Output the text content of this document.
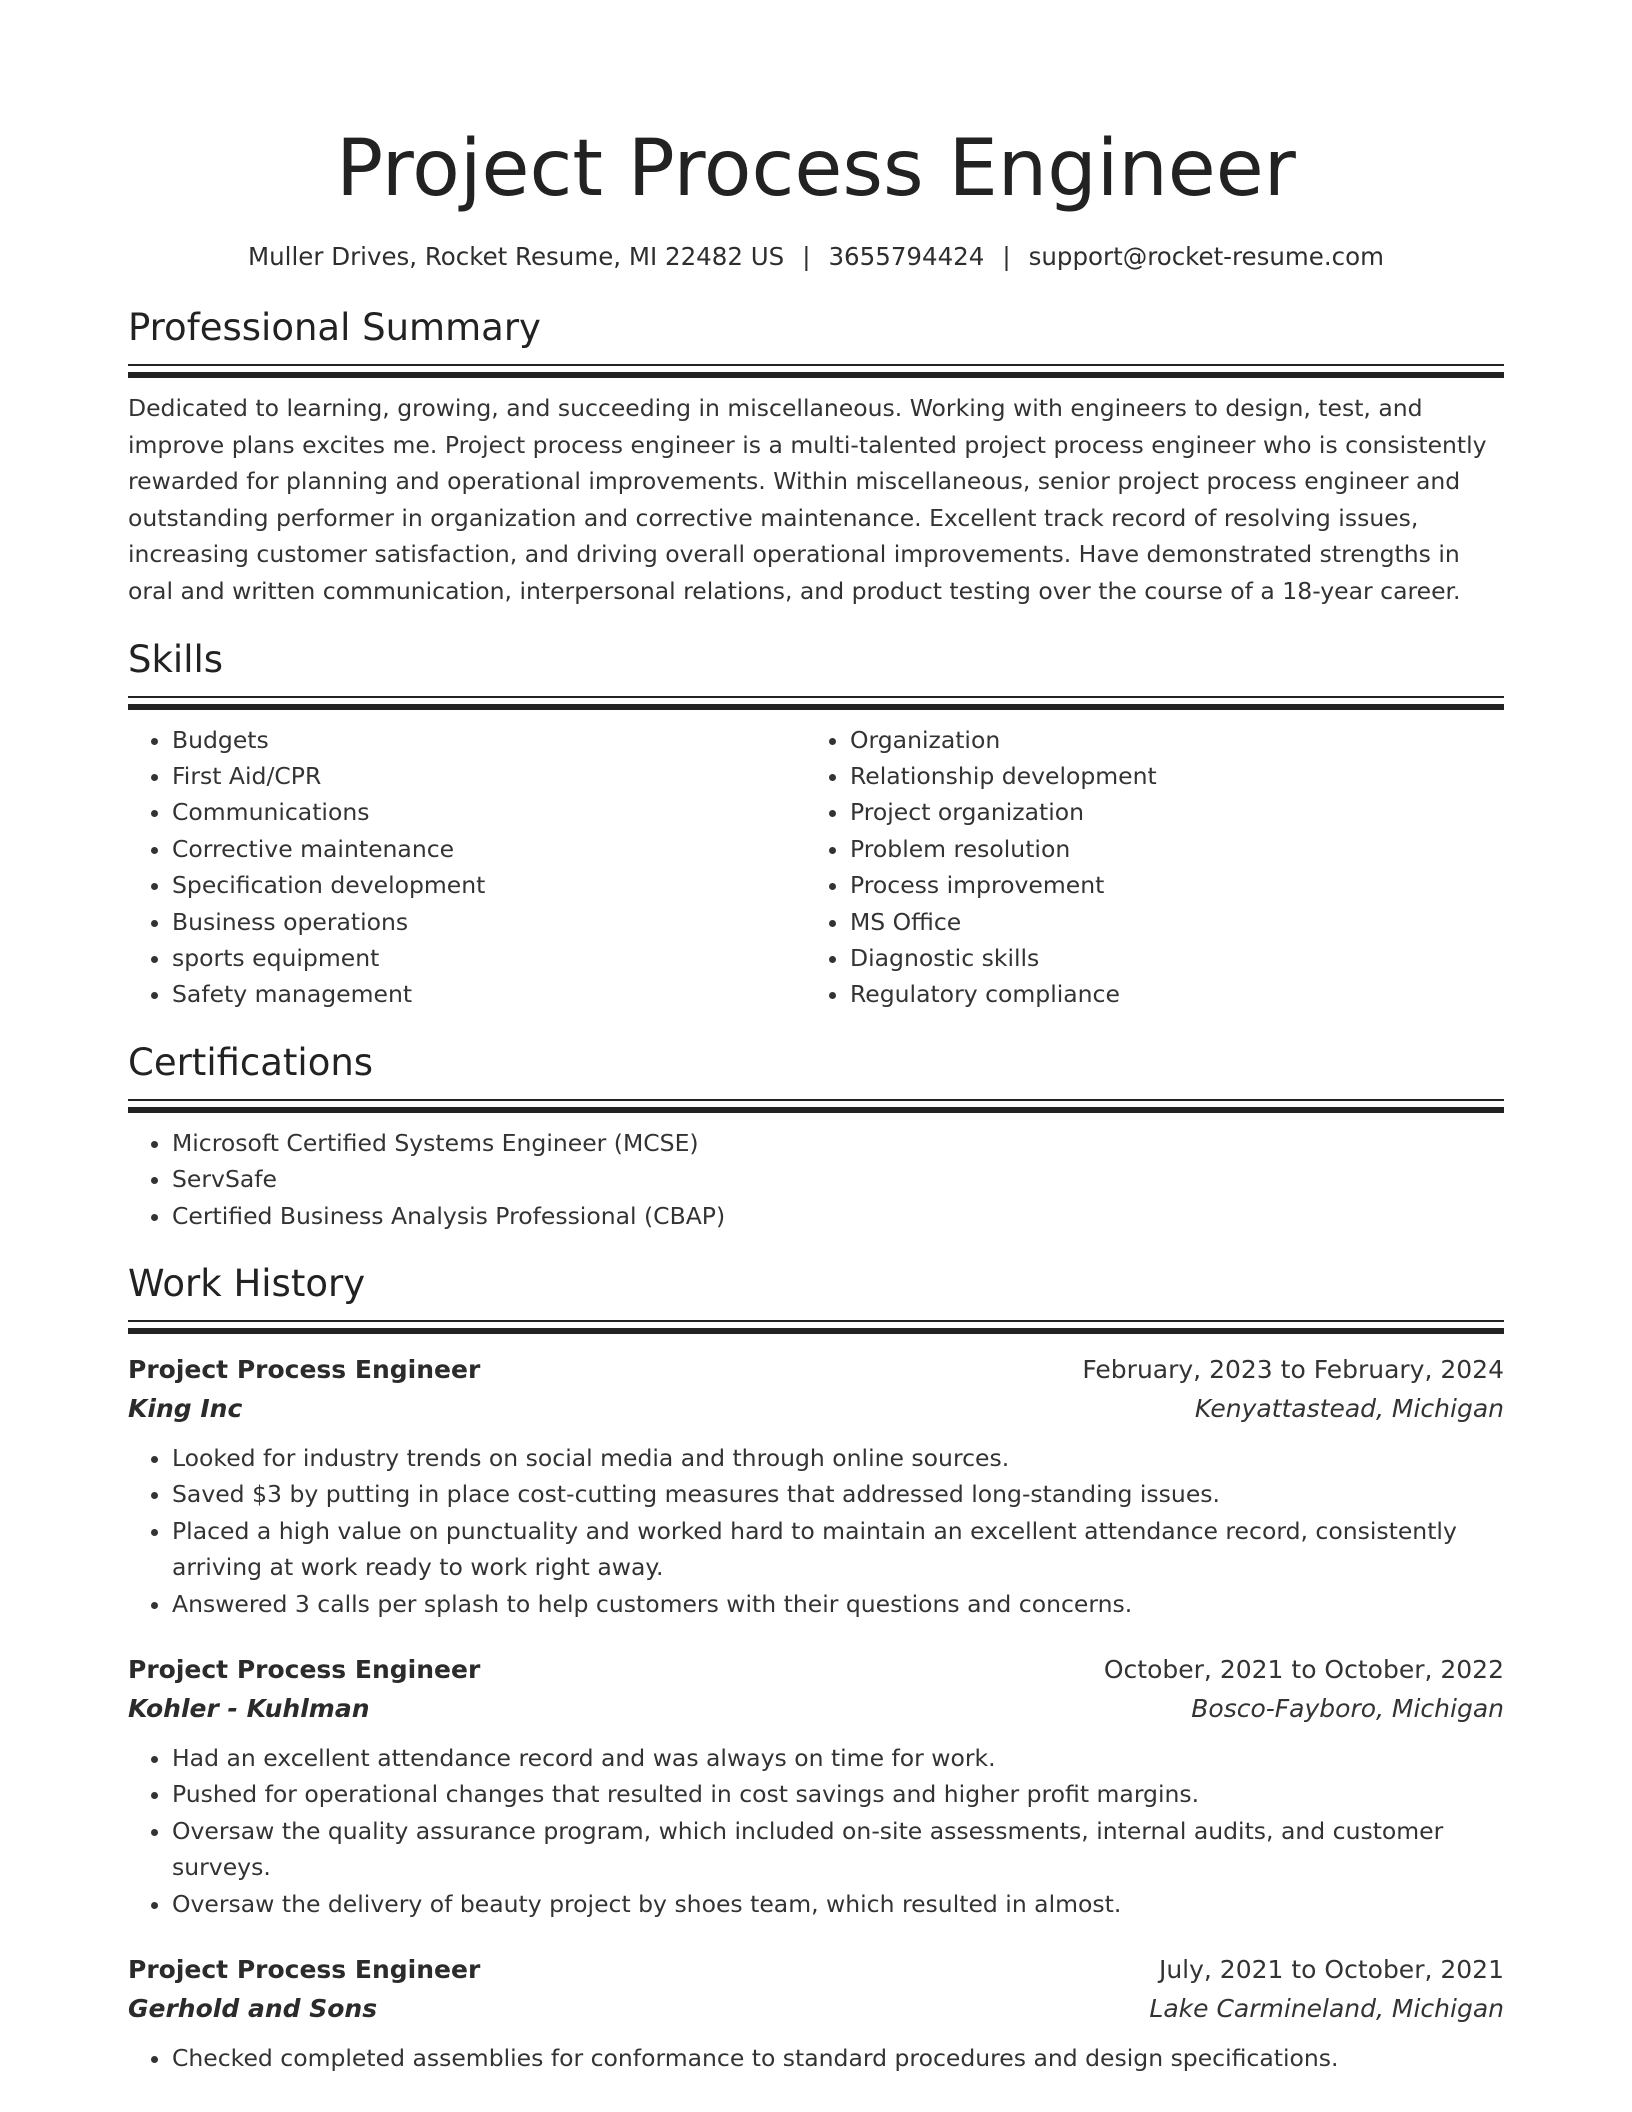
Project Process Engineer
Muller Drives, Rocket Resume, MI 22482 US | 3655794424 | support@rocket-resume.com
Professional Summary

Dedicated to learning, growing, and succeeding in miscellaneous. Working with engineers to design, test, and improve plans excites me. Project process engineer is a multi-talented project process engineer who is consistently rewarded for planning and operational improvements. Within miscellaneous, senior project process engineer and outstanding performer in organization and corrective maintenance. Excellent track record of resolving issues, increasing customer satisfaction, and driving overall operational improvements. Have demonstrated strengths in oral and written communication, interpersonal relations, and product testing over the course of a 18-year career.

Skills
• Budgets
• First Aid/CPR
• Communications
• Corrective maintenance
• Specification development
• Business operations
• sports equipment
• Safety management
• Organization
• Relationship development
• Project organization
• Problem resolution
• Process improvement
• MS Office
• Diagnostic skills
• Regulatory compliance
Certifications
• Microsoft Certified Systems Engineer (MCSE)
• ServSafe
• Certified Business Analysis Professional (CBAP)
Work History
Project Process Engineer	February, 2023 to February, 2024
King Inc	Kenyattastead, Michigan
• Looked for industry trends on social media and through online sources.
• Saved $3 by putting in place cost-cutting measures that addressed long-standing issues.
• Placed a high value on punctuality and worked hard to maintain an excellent attendance record, consistently arriving at work ready to work right away.
• Answered 3 calls per splash to help customers with their questions and concerns.
Project Process Engineer	October, 2021 to October, 2022
Kohler - Kuhlman	Bosco-Fayboro, Michigan
• Had an excellent attendance record and was always on time for work.
• Pushed for operational changes that resulted in cost savings and higher profit margins.
• Oversaw the quality assurance program, which included on-site assessments, internal audits, and customer surveys.
• Oversaw the delivery of beauty project by shoes team, which resulted in almost.
Project Process Engineer	July, 2021 to October, 2021
Gerhold and Sons	Lake Carmineland, Michigan
• Checked completed assemblies for conformance to standard procedures and design specifications.
